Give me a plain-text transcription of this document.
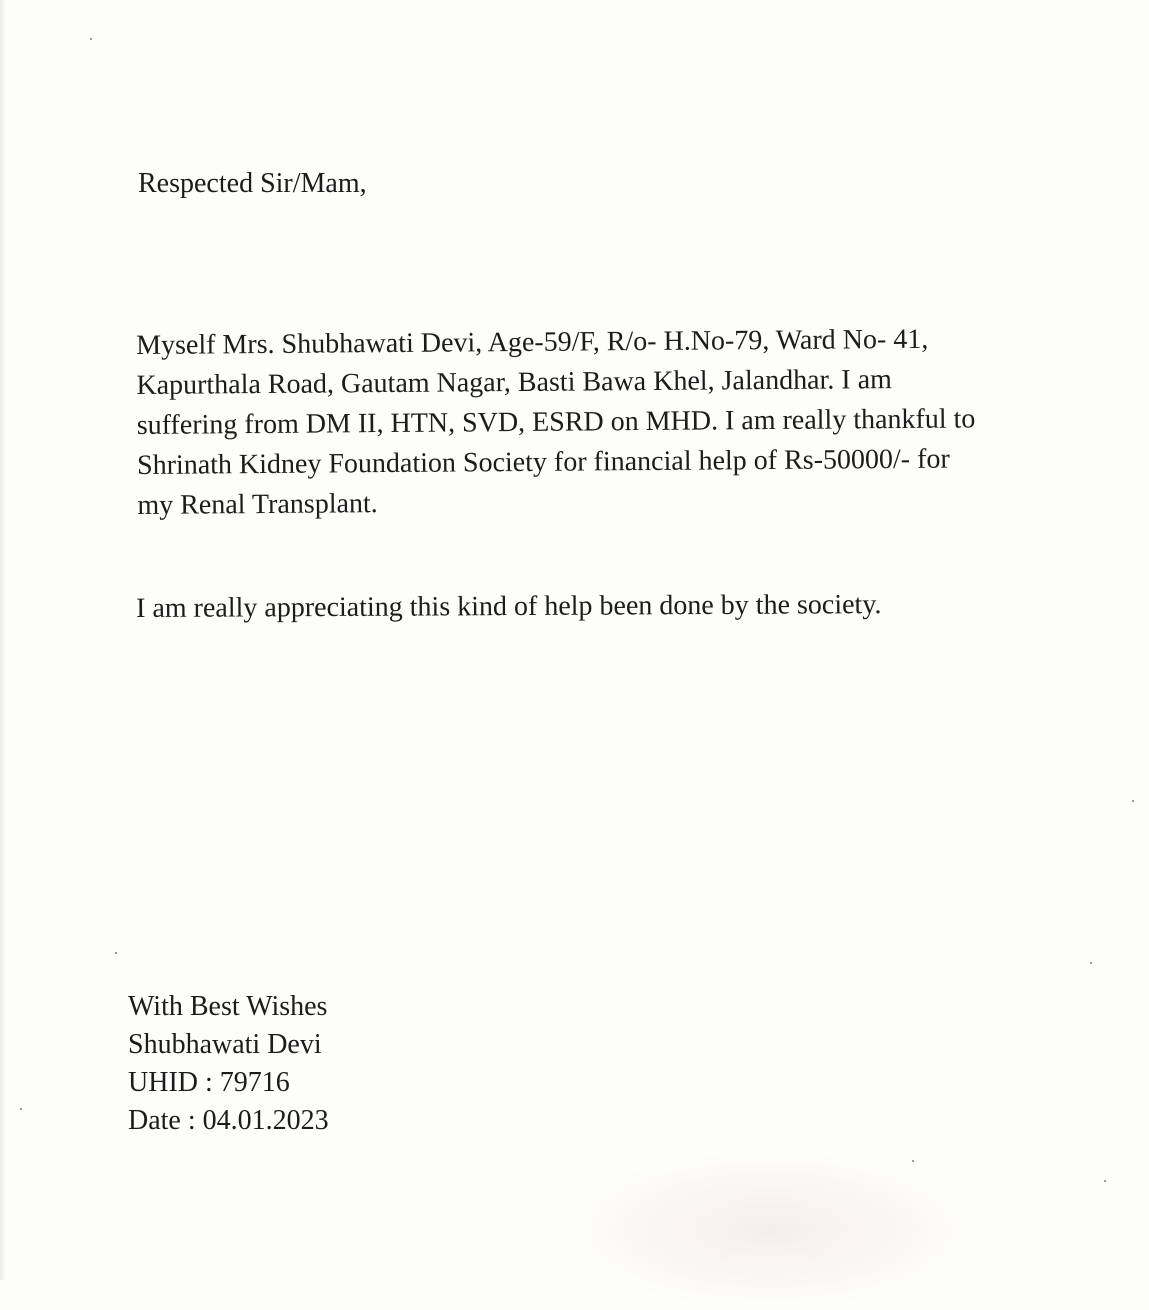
Respected Sir/Mam,

Myself Mrs. Shubhawati Devi, Age-59/F, R/o- H.No-79, Ward No- 41,
Kapurthala Road, Gautam Nagar, Basti Bawa Khel, Jalandhar. I am
suffering from DM II, HTN, SVD, ESRD on MHD. I am really thankful to
Shrinath Kidney Foundation Society for financial help of Rs-50000/- for
my Renal Transplant.

I am really appreciating this kind of help been done by the society.

With Best Wishes
Shubhawati Devi
UHID : 79716
Date : 04.01.2023
